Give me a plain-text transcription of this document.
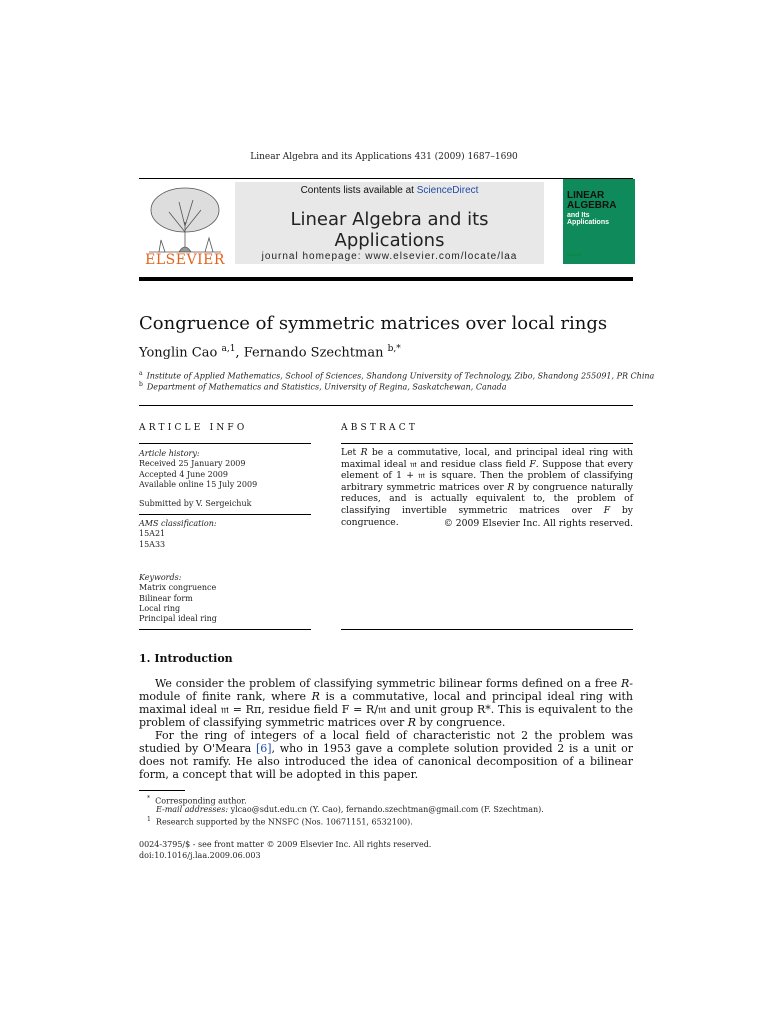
Linear Algebra and its Applications 431 (2009) 1687–1690
ELSEVIER
Contents lists available at ScienceDirect
Linear Algebra and its Applications
journal homepage: www.elsevier.com/locate/laa
LINEAR
ALGEBRA
and Its
Applications
Elsevier
Congruence of symmetric matrices over local rings
Yonglin Cao $^{a,1}$, Fernando Szechtman $^{b,*}$
$^a$ Institute of Applied Mathematics, School of Sciences, Shandong University of Technology, Zibo, Shandong 255091, PR China
$^b$ Department of Mathematics and Statistics, University of Regina, Saskatchewan, Canada
ARTICLE INFO
Article history:
Received 25 January 2009
Accepted 4 June 2009
Available online 15 July 2009
Submitted by V. Sergeichuk
AMS classification:
15A21
15A33
Keywords:
Matrix congruence
Bilinear form
Local ring
Principal ideal ring
ABSTRACT
Let R be a commutative, local, and principal ideal ring with maximal ideal 𝔪 and residue class field F. Suppose that every element of 1 + 𝔪 is square. Then the problem of classifying arbitrary symmetric matrices over R by congruence naturally reduces, and is actually equivalent to, the problem of classifying invertible symmetric matrices over F by congruence.	© 2009 Elsevier Inc. All rights reserved.
1. Introduction
We consider the problem of classifying symmetric bilinear forms defined on a free R-module of finite rank, where R is a commutative, local and principal ideal ring with maximal ideal 𝔪 = Rπ, residue field F = R/𝔪 and unit group R*. This is equivalent to the problem of classifying symmetric matrices over R by congruence.
For the ring of integers of a local field of characteristic not 2 the problem was studied by O'Meara [6], who in 1953 gave a complete solution provided 2 is a unit or does not ramify. He also introduced the idea of canonical decomposition of a bilinear form, a concept that will be adopted in this paper.
* Corresponding author.
E-mail addresses: ylcao@sdut.edu.cn (Y. Cao), fernando.szechtman@gmail.com (F. Szechtman).
$^1$ Research supported by the NNSFC (Nos. 10671151, 6532100).
0024-3795/$ - see front matter © 2009 Elsevier Inc. All rights reserved.
doi:10.1016/j.laa.2009.06.003
